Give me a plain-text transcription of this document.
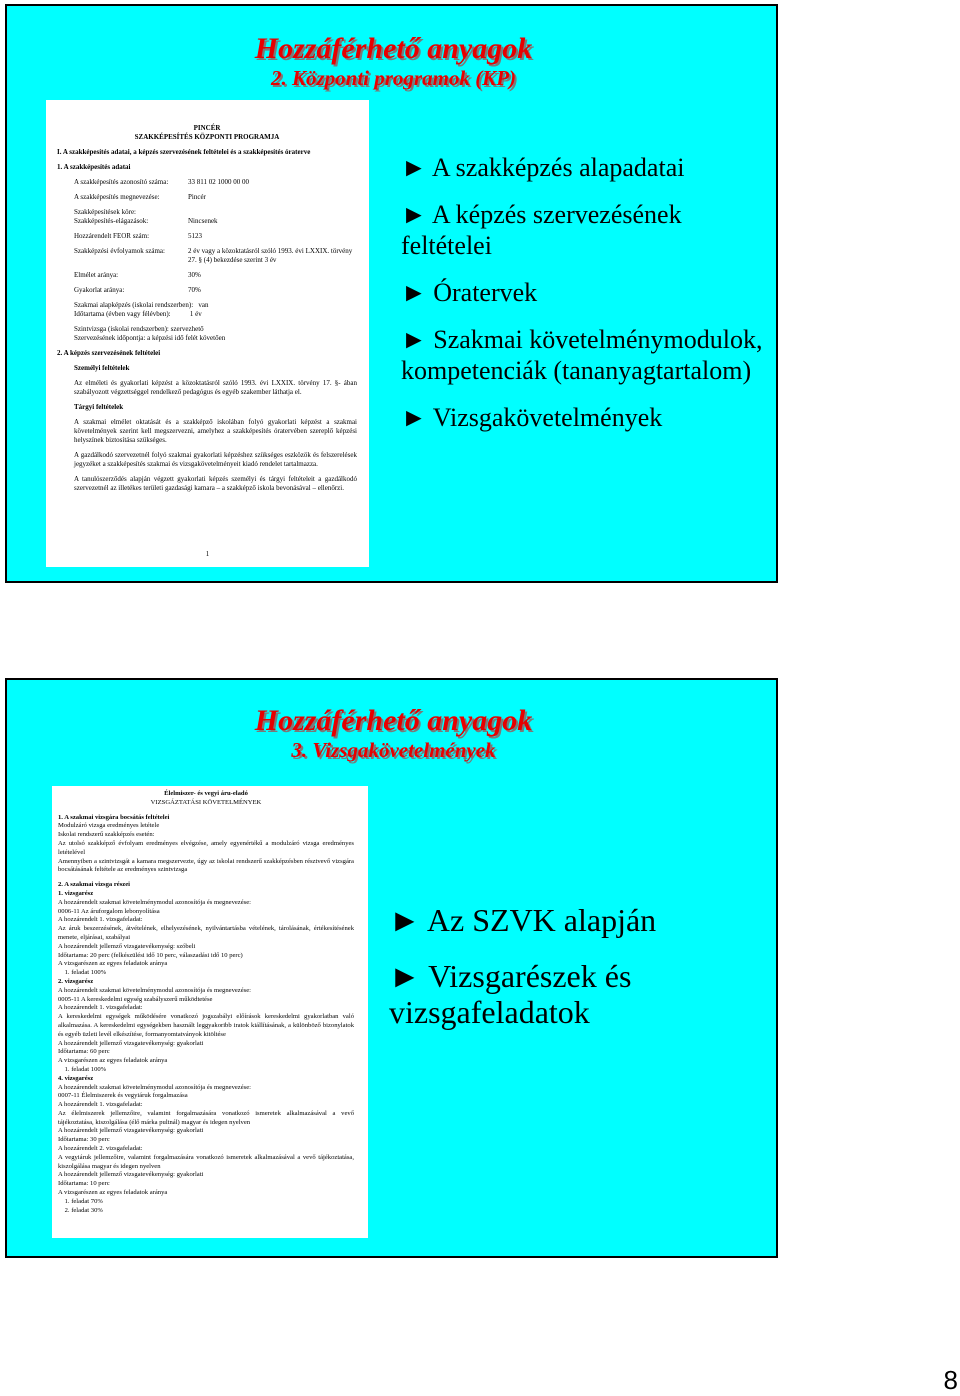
Hozzáférhető anyagok
2. Központi programok (KP)

PINCÉR

SZAKKÉPESÍTÉS KÖZPONTI PROGRAMJA

I. A szakképesítés adatai, a képzés szervezésének feltételei és a szakképesítés óraterve

1. A szakképesítés adatai

A szakképesítés azonosító száma:	33 811 02 1000 00 00
A szakképesítés megnevezése:	Pincér
Szakképesítések köre:
Szakképesítés-elágazások:	Nincsenek
Hozzárendelt FEOR szám:	5123
Szakképzési évfolyamok száma:	2 év vagy a közoktatásról szóló 1993. évi LXXIX. törvény 27. § (4) bekezdése szerint 3 év
Elmélet aránya:	30%
Gyakorlat aránya:	70%

Szakmai alapképzés (iskolai rendszerben):   van

Időtartama (évben vagy félévben):           1 év

Szintvizsga (iskolai rendszerben): szervezhető

Szervezésének időpontja: a képzési idő felét követően

2. A képzés szervezésének feltételei

Személyi feltételek

Az elméleti és gyakorlati képzést a közoktatásról szóló 1993. évi LXXIX. törvény 17. §- ában szabályozott végzettséggel rendelkező pedagógus és egyéb szakember láthatja el.

Tárgyi feltételek

A szakmai elmélet oktatását és a szakképző iskolában folyó gyakorlati képzést a szakmai követelmények szerint kell megszervezni, amelyhez a szakképesítés óratervében szereplő képzési helyszínek biztosítása szükséges.

A gazdálkodó szervezetnél folyó szakmai gyakorlati képzéshez szükséges eszközök és felszerelések jegyzéket a szakképesítés szakmai és vizsgakövetelményeit kiadó rendelet tartalmazza.

A tanulószerződés alapján végzett gyakorlati képzés személyi és tárgyi feltételeit a gazdálkodó szervezetnél az illetékes területi gazdasági kamara – a szakképző iskola bevonásával – ellenőrzi.

1

► A szakképzés alapadatai
► A képzés szervezésének feltételei
► Óratervek
► Szakmai követelménymodulok, kompetenciák (tananyagtartalom)
► Vizsgakövetelmények
Hozzáférhető anyagok
3. Vizsgakövetelmények

Élelmiszer- és vegyi áru-eladó

VIZSGÁZTATÁSI KÖVETELMÉNYEK

1. A szakmai vizsgára bocsátás feltételei

Modulzáró vizsga eredményes letétele

Iskolai rendszerű szakképzés esetén:

Az utolsó szakképző évfolyam eredményes elvégzése, amely egyenértékű a modulzáró vizsga eredményes letételével

Amennyiben a szintvizsgát a kamara megszervezte, úgy az iskolai rendszerű szakképzésben résztvevő vizsgára bocsátásának feltétele az eredményes szintvizsga

2. A szakmai vizsga részei

1. vizsgarész

A hozzárendelt szakmai követelménymodul azonosítója és megnevezése:

0006-11 Az áruforgalom lebonyolítása

A hozzárendelt 1. vizsgafeladat:

Az áruk beszerzésének, átvételének, elhelyezésének, nyilvántartásba vételének, tárolásának, értékesítésének menete, eljárásai, szabályai

A hozzárendelt jellemző vizsgatevékenység: szóbeli

Időtartama: 20 perc (felkészülési idő 10 perc, válaszadási idő 10 perc)

A vizsgarészen az egyes feladatok aránya

1. feladat 100%

2. vizsgarész

A hozzárendelt szakmai követelménymodul azonosítója és megnevezése:

0005-11 A kereskedelmi egység szabályszerű működtetése

A hozzárendelt 1. vizsgafeladat:

A kereskedelmi egységek működésére vonatkozó jogszabályi előírások kereskedelmi gyakorlatban való alkalmazása. A kereskedelmi egységekben használt leggyakoribb iratok kiállításának, a különböző bizonylatok és egyéb üzleti levél elkészítése, formanyomtatványok kitöltése

A hozzárendelt jellemző vizsgatevékenység: gyakorlati

Időtartama: 60 perc

A vizsgarészen az egyes feladatok aránya

1. feladat 100%

4. vizsgarész

A hozzárendelt szakmai követelménymodul azonosítója és megnevezése:

0007-11 Élelmiszerek és vegyiáruk forgalmazása

A hozzárendelt 1. vizsgafeladat:

Az élelmiszerek jellemzőire, valamint forgalmazására vonatkozó ismeretek alkalmazásával a vevő tájékoztatása, kiszolgálása (élő márka pultnál) magyar és idegen nyelven

A hozzárendelt jellemző vizsgatevékenység: gyakorlati

Időtartama: 30 perc

A hozzárendelt 2. vizsgafeladat:

A vegyiáruk jellemzőire, valamint forgalmazására vonatkozó ismeretek alkalmazásával a vevő tájékoztatása, kiszolgálása magyar és idegen nyelven

A hozzárendelt jellemző vizsgatevékenység: gyakorlati

Időtartama: 10 perc

A vizsgarészen az egyes feladatok aránya

1. feladat 70%

2. feladat 30%

► Az SZVK alapján
► Vizsgarészek és vizsgafeladatok
8
